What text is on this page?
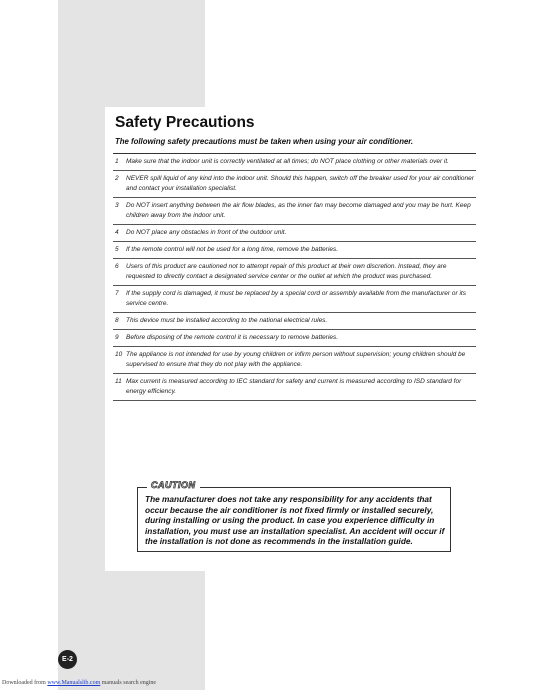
Safety Precautions
The following safety precautions must be taken when using your air conditioner.
1 Make sure that the indoor unit is correctly ventilated at all times; do NOT place clothing or other materials over it.
2 NEVER spill liquid of any kind into the indoor unit. Should this happen, switch off the breaker used for your air conditioner and contact your installation specialist.
3 Do NOT insert anything between the air flow blades, as the inner fan may become damaged and you may be hurt. Keep children away from the indoor unit.
4 Do NOT place any obstacles in front of the outdoor unit.
5 If the remote control will not be used for a long time, remove the batteries.
6 Users of this product are cautioned not to attempt repair of this product at their own discretion. Instead, they are requested to directly contact a designated service center or the outlet at which the product was purchased.
7 If the supply cord is damaged, it must be replaced by a special cord or assembly available from the manufacturer or its service centre.
8 This device must be installed according to the national electrical rules.
9 Before disposing of the remote control it is necessary to remove batteries.
10 The appliance is not intended for use by young children or infirm person without supervision; young children should be supervised to ensure that they do not play with the appliance.
11 Max current is measured according to IEC standard for safety and current is measured according to ISD standard for energy efficiency.
CAUTION
The manufacturer does not take any responsibility for any accidents that occur because the air conditioner is not fixed firmly or installed securely, during installing or using the product. In case you experience difficulty in installation, you must use an installation specialist. An accident will occur if the installation is not done as recommends in the installation guide.
E-2
Downloaded from www.Manualslib.com manuals search engine
